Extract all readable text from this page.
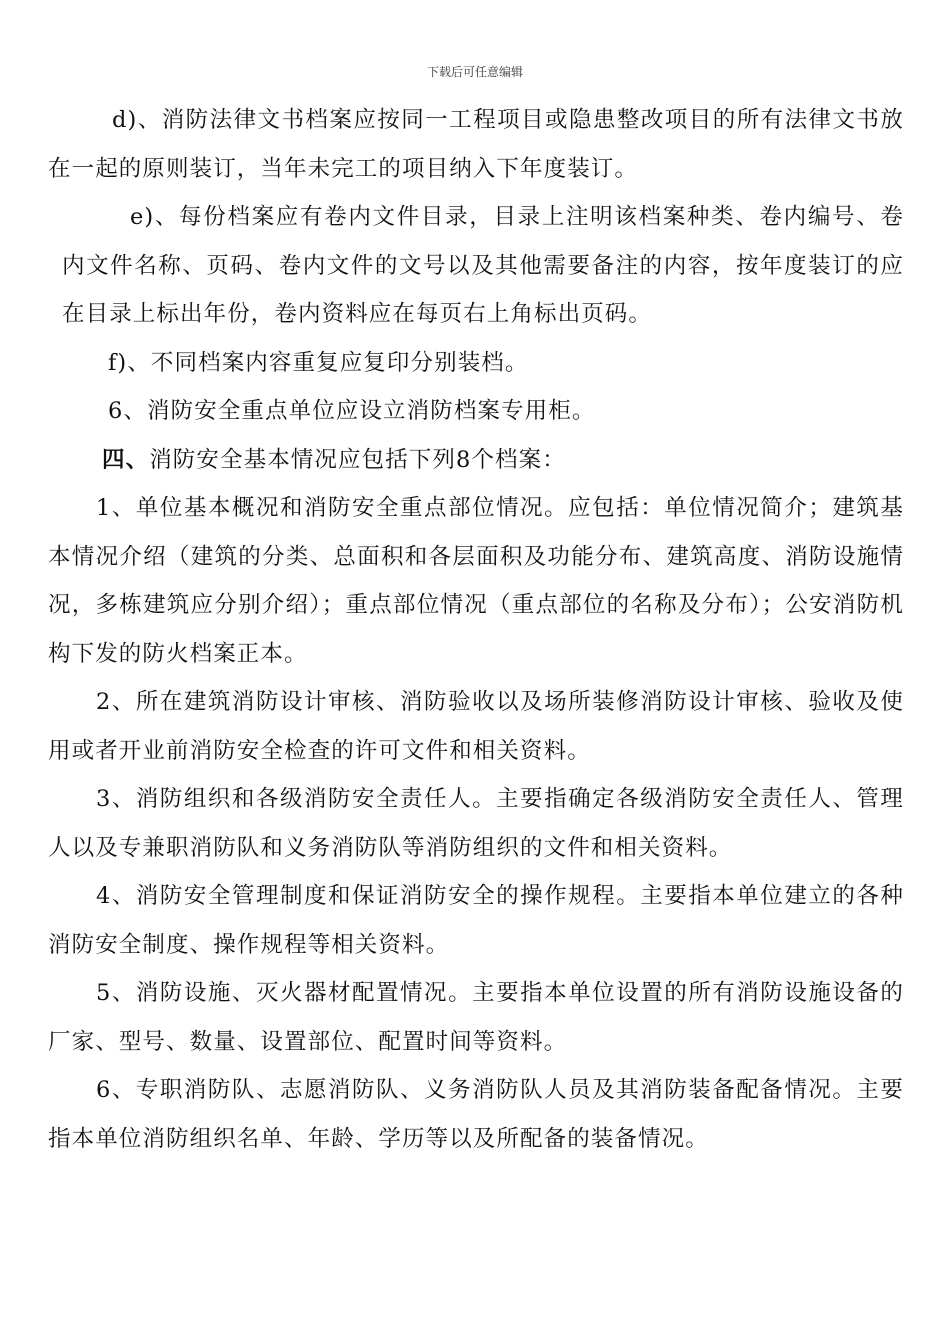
下载后可任意编辑

d)、消防法律文书档案应按同一工程项目或隐患整改项目的所有法律文书放在一起的原则装订，当年未完工的项目纳入下年度装订。

e)、每份档案应有卷内文件目录，目录上注明该档案种类、卷内编号、卷内文件名称、页码、卷内文件的文号以及其他需要备注的内容，按年度装订的应在目录上标出年份，卷内资料应在每页右上角标出页码。

f)、不同档案内容重复应复印分别装档。

6、消防安全重点单位应设立消防档案专用柜。

四、消防安全基本情况应包括下列8个档案：

1、单位基本概况和消防安全重点部位情况。应包括：单位情况简介；建筑基本情况介绍（建筑的分类、总面积和各层面积及功能分布、建筑高度、消防设施情况，多栋建筑应分别介绍）；重点部位情况（重点部位的名称及分布）；公安消防机构下发的防火档案正本。

2、所在建筑消防设计审核、消防验收以及场所装修消防设计审核、验收及使用或者开业前消防安全检查的许可文件和相关资料。

3、消防组织和各级消防安全责任人。主要指确定各级消防安全责任人、管理人以及专兼职消防队和义务消防队等消防组织的文件和相关资料。

4、消防安全管理制度和保证消防安全的操作规程。主要指本单位建立的各种消防安全制度、操作规程等相关资料。

5、消防设施、灭火器材配置情况。主要指本单位设置的所有消防设施设备的厂家、型号、数量、设置部位、配置时间等资料。

6、专职消防队、志愿消防队、义务消防队人员及其消防装备配备情况。主要指本单位消防组织名单、年龄、学历等以及所配备的装备情况。
